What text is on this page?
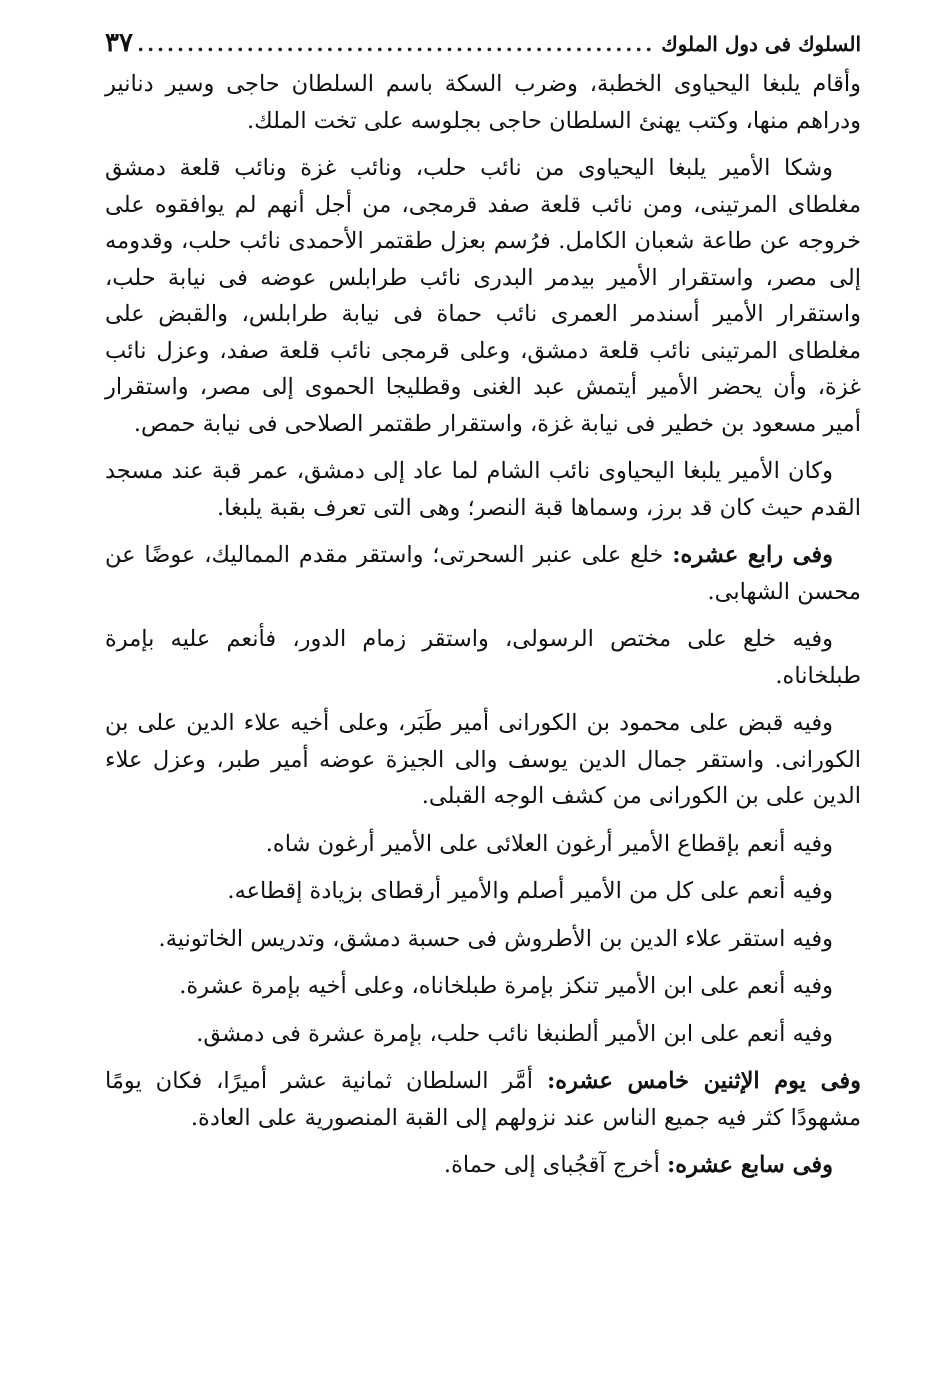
السلوك فى دول الملوك
.....
٣٧

وأقام يلبغا اليحياوى الخطبة، وضرب السكة باسم السلطان حاجى وسير دنانير ودراهم منها، وكتب يهنئ السلطان حاجى بجلوسه على تخت الملك.

وشكا الأمير يلبغا اليحياوى من نائب حلب، ونائب غزة ونائب قلعة دمشق مغلطاى المرتينى، ومن نائب قلعة صفد قرمجى، من أجل أنهم لم يوافقوه على خروجه عن طاعة شعبان الكامل. فرُسم بعزل طقتمر الأحمدى نائب حلب، وقدومه إلى مصر، واستقرار الأمير بيدمر البدرى نائب طرابلس عوضه فى نيابة حلب، واستقرار الأمير أسندمر العمرى نائب حماة فى نيابة طرابلس، والقبض على مغلطاى المرتينى نائب قلعة دمشق، وعلى قرمجى نائب قلعة صفد، وعزل نائب غزة، وأن يحضر الأمير أيتمش عبد الغنى وقطليجا الحموى إلى مصر، واستقرار أمير مسعود بن خطير فى نيابة غزة، واستقرار طقتمر الصلاحى فى نيابة حمص.

وكان الأمير يلبغا اليحياوى نائب الشام لما عاد إلى دمشق، عمر قبة عند مسجد القدم حيث كان قد برز، وسماها قبة النصر؛ وهى التى تعرف بقبة يلبغا.

وفى رابع عشره: خلع على عنبر السحرتى؛ واستقر مقدم المماليك، عوضًا عن محسن الشهابى.

وفيه خلع على مختص الرسولى، واستقر زمام الدور، فأنعم عليه بإمرة طبلخاناه.

وفيه قبض على محمود بن الكورانى أمير طَبَر، وعلى أخيه علاء الدين على بن الكورانى. واستقر جمال الدين يوسف والى الجيزة عوضه أمير طبر، وعزل علاء الدين على بن الكورانى من كشف الوجه القبلى.

وفيه أنعم بإقطاع الأمير أرغون العلائى على الأمير أرغون شاه.

وفيه أنعم على كل من الأمير أصلم والأمير أرقطاى بزيادة إقطاعه.

وفيه استقر علاء الدين بن الأطروش فى حسبة دمشق، وتدريس الخاتونية.

وفيه أنعم على ابن الأمير تنكز بإمرة طبلخاناه، وعلى أخيه بإمرة عشرة.

وفيه أنعم على ابن الأمير ألطنبغا نائب حلب، بإمرة عشرة فى دمشق.

وفى يوم الإثنين خامس عشره: أمَّر السلطان ثمانية عشر أميرًا، فكان يومًا مشهودًا كثر فيه جميع الناس عند نزولهم إلى القبة المنصورية على العادة.

وفى سابع عشره: أخرج آقجُباى إلى حماة.
